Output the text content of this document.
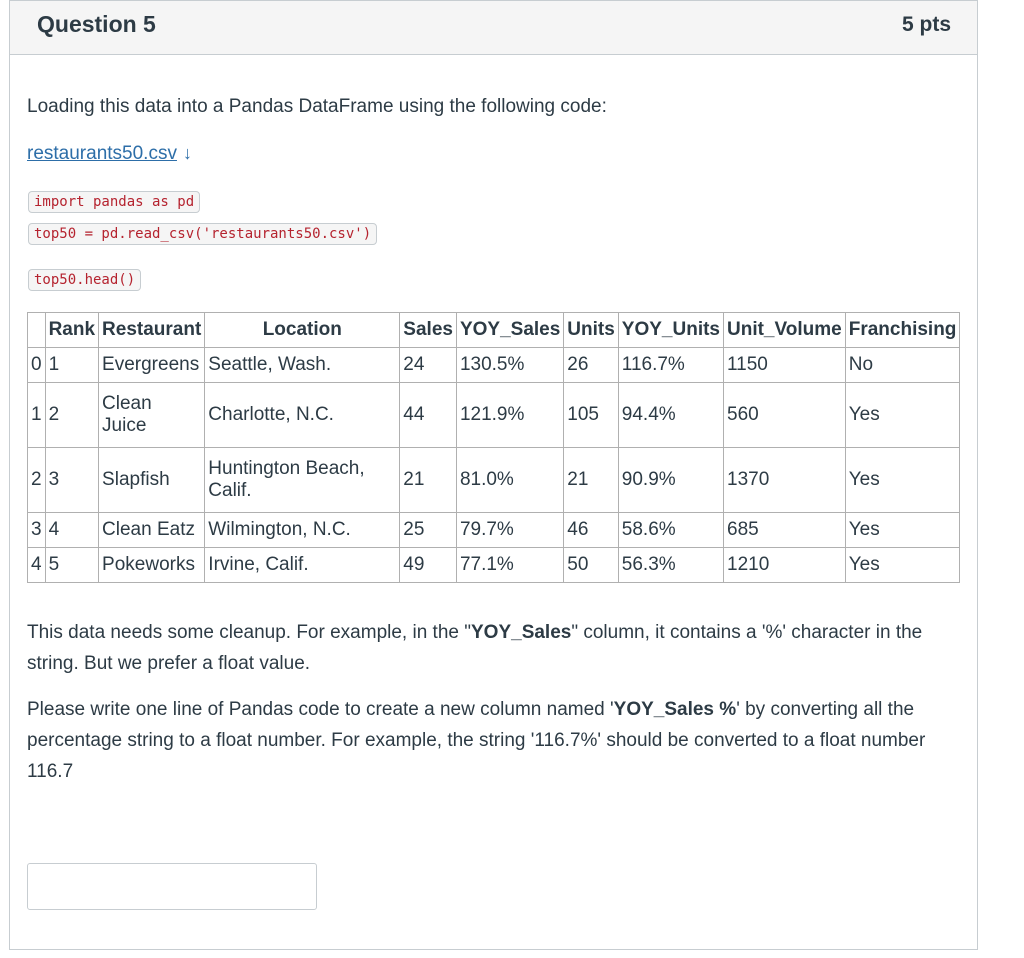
Question 5	5 pts
Loading this data into a Pandas DataFrame using the following code:
restaurants50.csv ↓
import pandas as pd
top50 = pd.read_csv('restaurants50.csv')
top50.head()
	Rank	Restaurant	Location	Sales	YOY_Sales	Units	YOY_Units	Unit_Volume	Franchising
0	1	Evergreens	Seattle, Wash.	24	130.5%	26	116.7%	1150	No
1	2	Clean Juice	Charlotte, N.C.	44	121.9%	105	94.4%	560	Yes
2	3	Slapfish	Huntington Beach, Calif.	21	81.0%	21	90.9%	1370	Yes
3	4	Clean Eatz	Wilmington, N.C.	25	79.7%	46	58.6%	685	Yes
4	5	Pokeworks	Irvine, Calif.	49	77.1%	50	56.3%	1210	Yes
This data needs some cleanup. For example, in the "YOY_Sales" column, it contains a '%' character in the string. But we prefer a float value.
Please write one line of Pandas code to create a new column named 'YOY_Sales %' by converting all the percentage string to a float number. For example, the string '116.7%' should be converted to a float number 116.7
